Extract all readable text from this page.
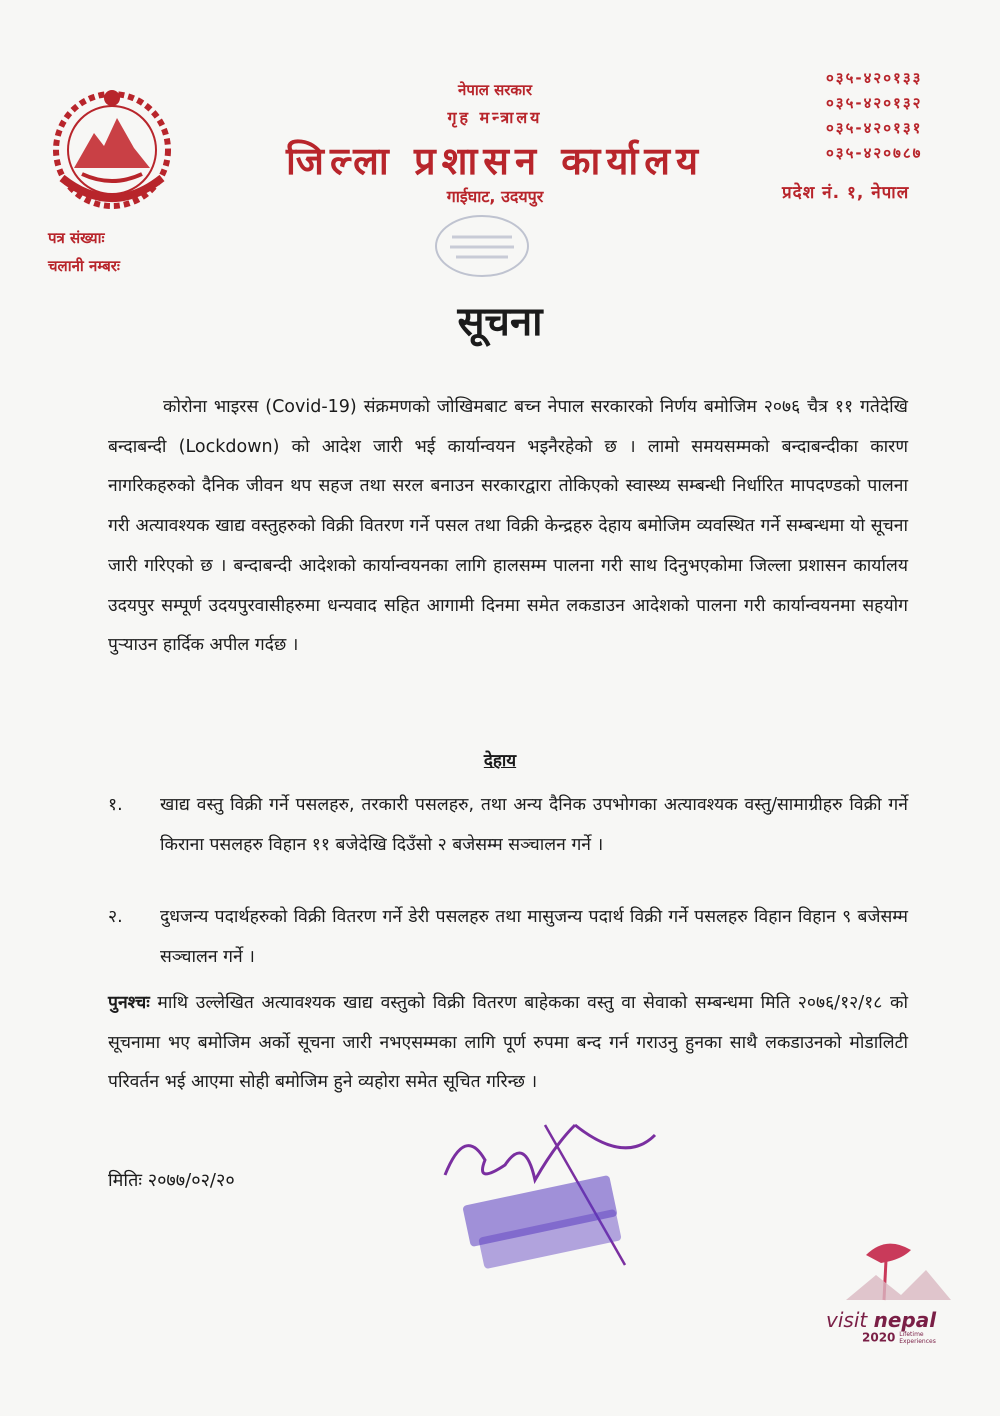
नेपाल सरकार
गृह मन्त्रालय
जिल्ला प्रशासन कार्यालय
गाईघाट, उदयपुर
०३५-४२०१३३
०३५-४२०१३२
०३५-४२०१३१
०३५-४२०७८७
प्रदेश नं. १, नेपाल
पत्र संख्याः
चलानी नम्बरः
सूचना
कोरोना भाइरस (Covid-19) संक्रमणको जोखिमबाट बच्न नेपाल सरकारको निर्णय बमोजिम २०७६ चैत्र ११ गतेदेखि बन्दाबन्दी (Lockdown) को आदेश जारी भई कार्यान्वयन भइनैरहेको छ । लामो समयसम्मको बन्दाबन्दीका कारण नागरिकहरुको दैनिक जीवन थप सहज तथा सरल बनाउन सरकारद्वारा तोकिएको स्वास्थ्य सम्बन्धी निर्धारित मापदण्डको पालना गरी अत्यावश्यक खाद्य वस्तुहरुको विक्री वितरण गर्ने पसल तथा विक्री केन्द्रहरु देहाय बमोजिम व्यवस्थित गर्ने सम्बन्धमा यो सूचना जारी गरिएको छ । बन्दाबन्दी आदेशको कार्यान्वयनका लागि हालसम्म पालना गरी साथ दिनुभएकोमा जिल्ला प्रशासन कार्यालय उदयपुर सम्पूर्ण उदयपुरवासीहरुमा धन्यवाद सहित आगामी दिनमा समेत लकडाउन आदेशको पालना गरी कार्यान्वयनमा सहयोग पुऱ्याउन हार्दिक अपील गर्दछ ।
देहाय
१. खाद्य वस्तु विक्री गर्ने पसलहरु, तरकारी पसलहरु, तथा अन्य दैनिक उपभोगका अत्यावश्यक वस्तु/सामाग्रीहरु विक्री गर्ने किराना पसलहरु विहान ११ बजेदेखि दिउँसो २ बजेसम्म सञ्चालन गर्ने ।
२. दुधजन्य पदार्थहरुको विक्री वितरण गर्ने डेरी पसलहरु तथा मासुजन्य पदार्थ विक्री गर्ने पसलहरु विहान विहान ९ बजेसम्म सञ्चालन गर्ने ।
पुनश्चः माथि उल्लेखित अत्यावश्यक खाद्य वस्तुको विक्री वितरण बाहेकका वस्तु वा सेवाको सम्बन्धमा मिति २०७६/१२/१८ को सूचनामा भए बमोजिम अर्को सूचना जारी नभएसम्मका लागि पूर्ण रुपमा बन्द गर्न गराउनु हुनका साथै लकडाउनको मोडालिटी परिवर्तन भई आएमा सोही बमोजिम हुने व्यहोरा समेत सूचित गरिन्छ ।
मितिः २०७७/०२/२०
visit nepal
2020 Lifetime
Experiences
